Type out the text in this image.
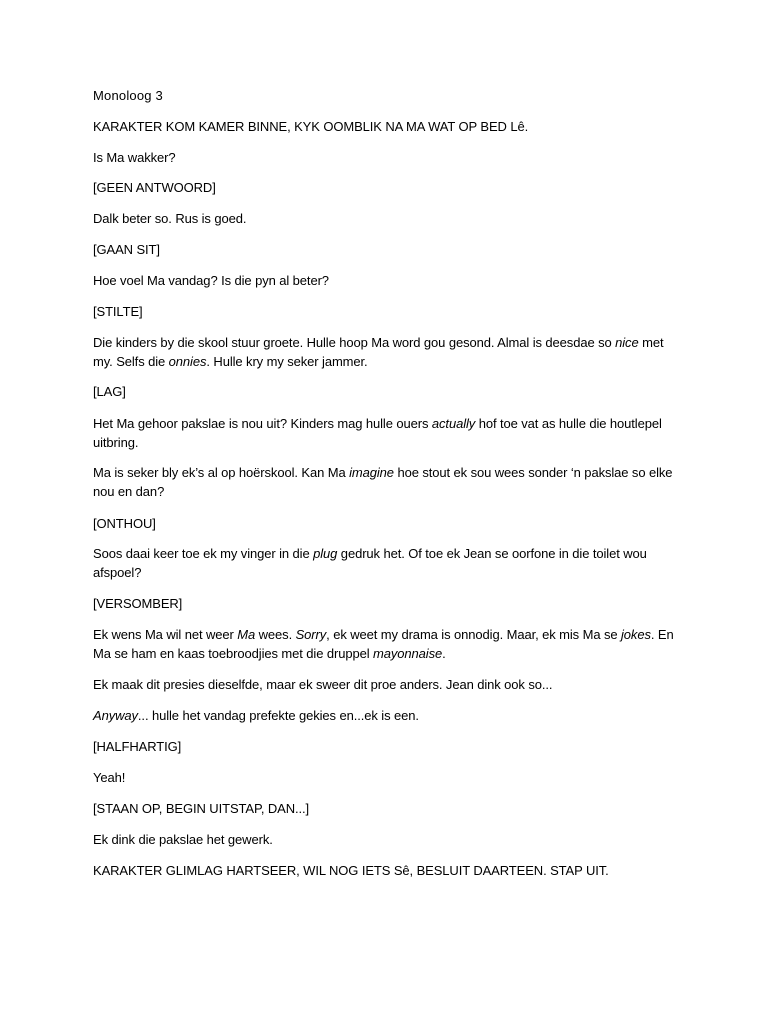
Monoloog 3

KARAKTER KOM KAMER BINNE, KYK OOMBLIK NA MA WAT OP BED Lê.

Is Ma wakker?

[GEEN ANTWOORD]

Dalk beter so. Rus is goed.

[GAAN SIT]

Hoe voel Ma vandag? Is die pyn al beter?

[STILTE]

Die kinders by die skool stuur groete. Hulle hoop Ma word gou gesond. Almal is deesdae so nice met my. Selfs die onnies. Hulle kry my seker jammer.

[LAG]

Het Ma gehoor pakslae is nou uit? Kinders mag hulle ouers actually hof toe vat as hulle die houtlepel uitbring.

Ma is seker bly ek’s al op hoërskool. Kan Ma imagine hoe stout ek sou wees sonder ‘n pakslae so elke nou en dan?

[ONTHOU]

Soos daai keer toe ek my vinger in die plug gedruk het. Of toe ek Jean se oorfone in die toilet wou afspoel?

[VERSOMBER]

Ek wens Ma wil net weer Ma wees. Sorry, ek weet my drama is onnodig. Maar, ek mis Ma se jokes. En Ma se ham en kaas toebroodjies met die druppel mayonnaise.

Ek maak dit presies dieselfde, maar ek sweer dit proe anders. Jean dink ook so...

Anyway... hulle het vandag prefekte gekies en...ek is een.

[HALFHARTIG]

Yeah!

[STAAN OP, BEGIN UITSTAP, DAN...]

Ek dink die pakslae het gewerk.

KARAKTER GLIMLAG HARTSEER, WIL NOG IETS Sê, BESLUIT DAARTEEN. STAP UIT.
